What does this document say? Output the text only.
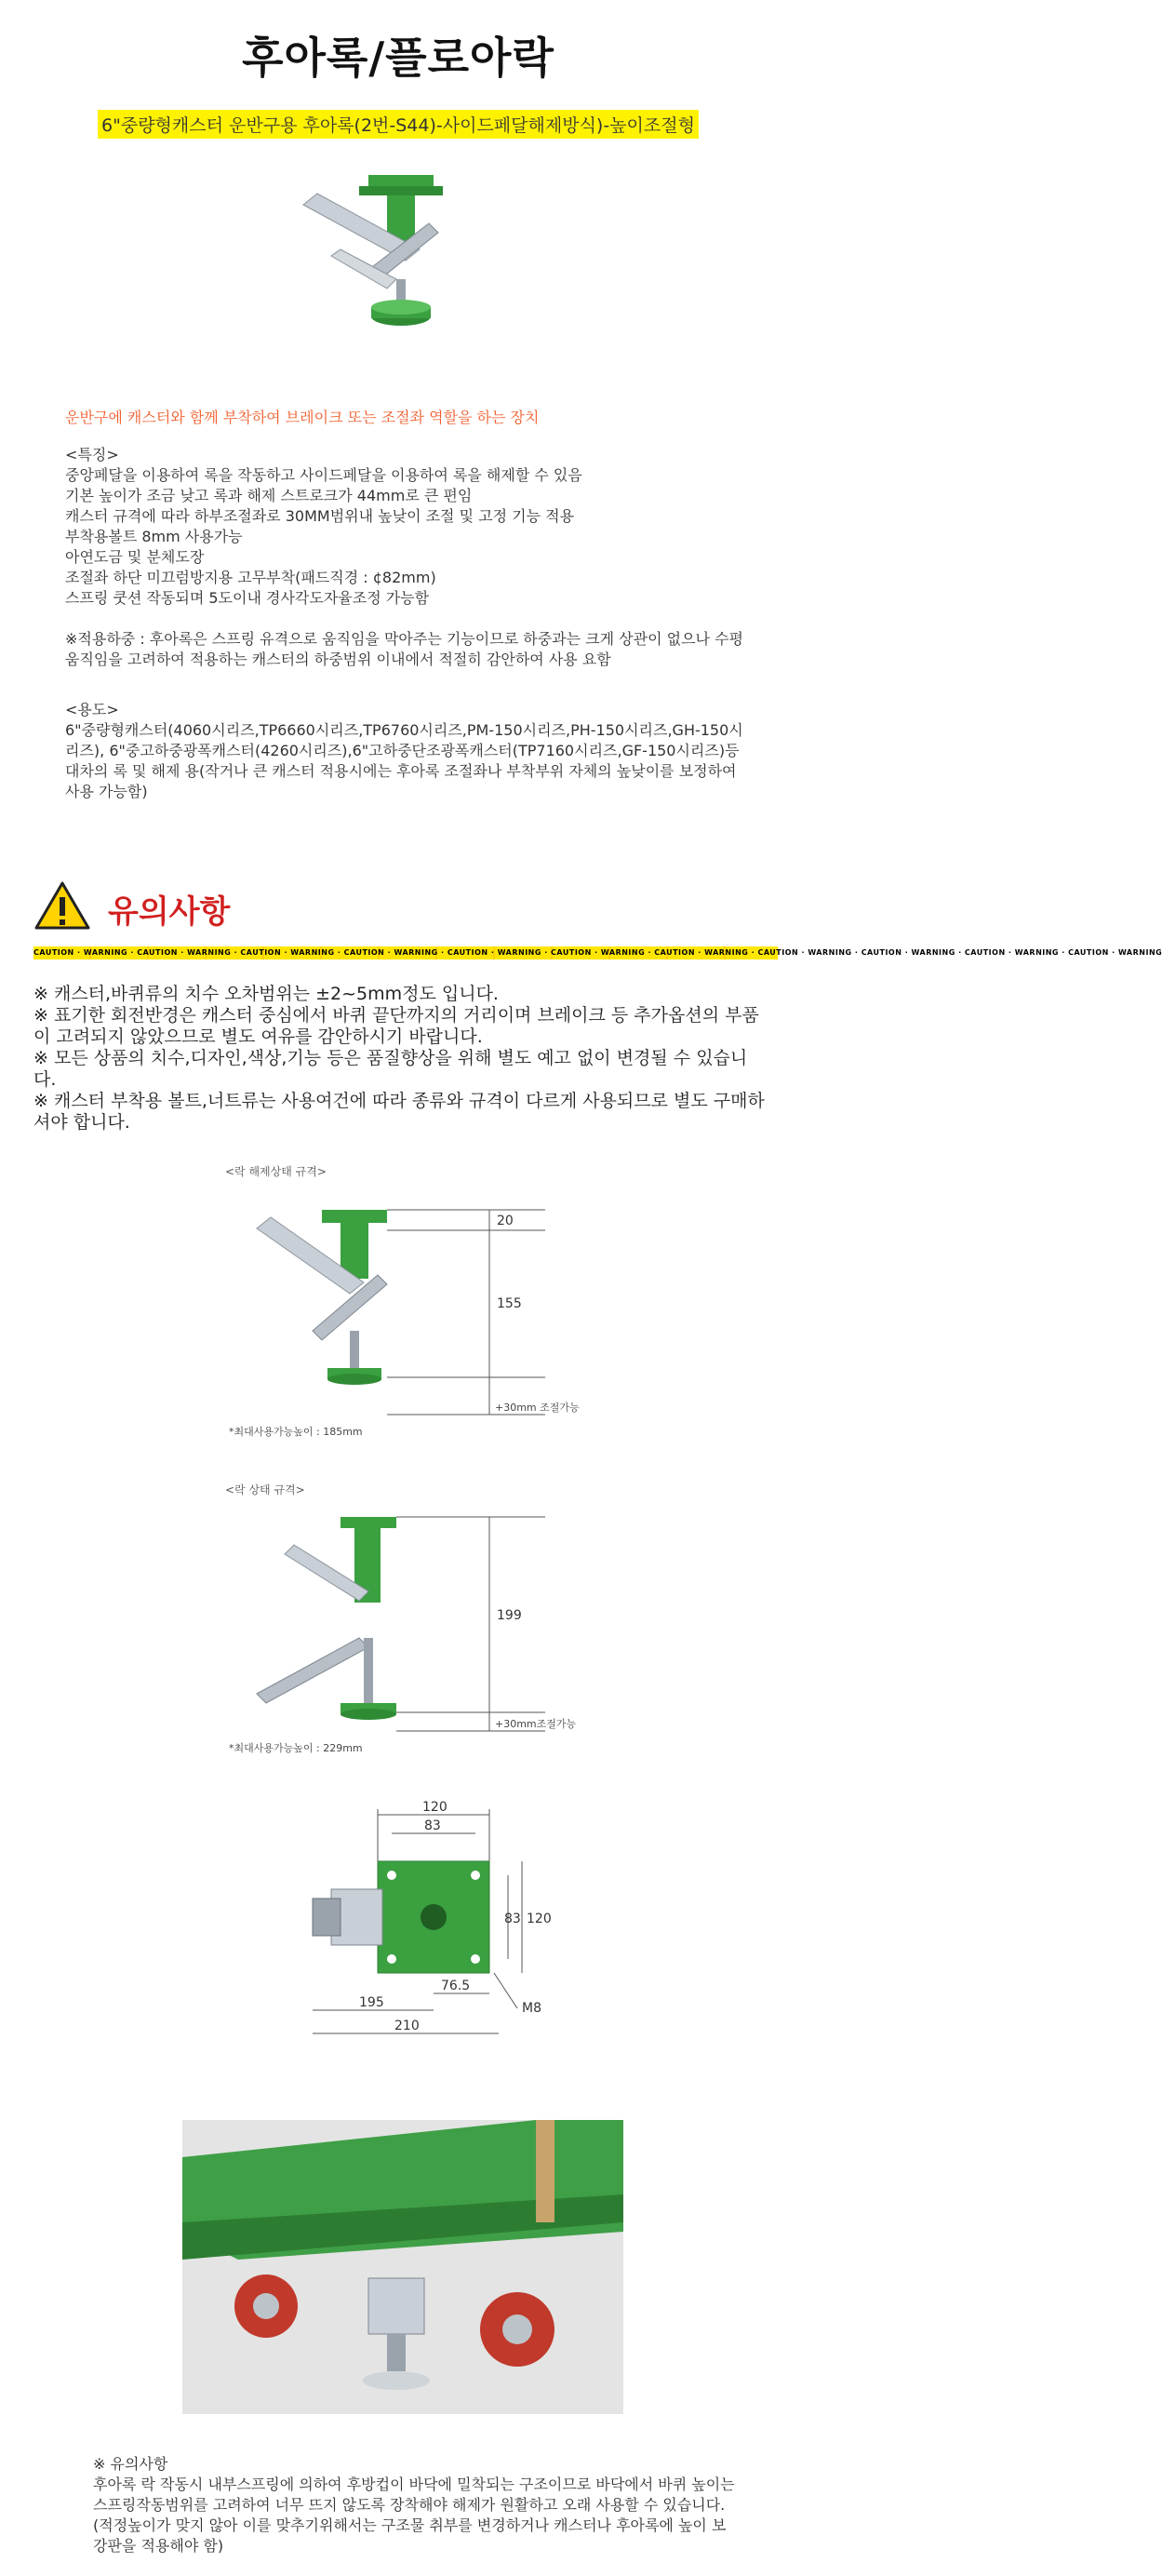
후아록/플로아락
6"중량형캐스터 운반구용 후아록(2번-S44)-사이드페달해제방식)-높이조절형
운반구에 캐스터와 함께 부착하여 브레이크 또는 조절좌 역할을 하는 장치
<특징>
중앙페달을 이용하여 록을 작동하고 사이드페달을 이용하여 록을 해제할 수 있음
기본 높이가 조금 낮고 록과 해제 스트로크가 44mm로 큰 편임
캐스터 규격에 따라 하부조절좌로 30MM범위내 높낮이 조절 및 고정 기능 적용
부착용볼트 8mm 사용가능
아연도금 및 분체도장
조절좌 하단 미끄럼방지용 고무부착(패드직경 : ¢82mm)
스프링 쿳션 작동되며 5도이내 경사각도자율조정 가능함
※적용하중 : 후아록은 스프링 유격으로 움직임을 막아주는 기능이므로 하중과는 크게 상관이 없으나 수평움직임을 고려하여 적용하는 캐스터의 하중범위 이내에서 적절히 감안하여 사용 요함
<용도>
6"중량형캐스터(4060시리즈,TP6660시리즈,TP6760시리즈,PM-150시리즈,PH-150시리즈,GH-150시리즈), 6"중고하중광폭캐스터(4260시리즈),6"고하중단조광폭캐스터(TP7160시리즈,GF-150시리즈)등 대차의 록 및 해제 용(작거나 큰 캐스터 적용시에는 후아록 조절좌나 부착부위 자체의 높낮이를 보정하여 사용 가능함)
유의사항
CAUTION · WARNING · CAUTION · WARNING · CAUTION · WARNING · CAUTION · WARNING · CAUTION · WARNING · CAUTION · WARNING · CAUTION · WARNING · CAUTION · WARNING · CAUTION · WARNING · CAUTION · WARNING · CAUTION · WARNING
※ 캐스터,바퀴류의 치수 오차범위는 ±2~5mm정도 입니다.
※ 표기한 회전반경은 캐스터 중심에서 바퀴 끝단까지의 거리이며 브레이크 등 추가옵션의 부품이 고려되지 않았으므로 별도 여유를 감안하시기 바랍니다.
※ 모든 상품의 치수,디자인,색상,기능 등은 품질향상을 위해 별도 예고 없이 변경될 수 있습니다.
※ 캐스터 부착용 볼트,너트류는 사용여건에 따라 종류와 규격이 다르게 사용되므로 별도 구매하셔야 합니다.
<락 해제상태 규격>
20
155
+30mm 조절가능
*최대사용가능높이 : 185mm
<락 상태 규격>
199
+30mm조절가능
*최대사용가능높이 : 229mm
120
83
83 120
76.5
195
210
M8
※ 유의사항
후아록 락 작동시 내부스프링에 의하여 후방컵이 바닥에 밀착되는 구조이므로 바닥에서 바퀴 높이는 스프링작동범위를 고려하여 너무 뜨지 않도록 장착해야 해제가 원활하고 오래 사용할 수 있습니다. (적정높이가 맞지 않아 이를 맞추기위해서는 구조물 취부를 변경하거나 캐스터나 후아록에 높이 보강판을 적용해야 함)
